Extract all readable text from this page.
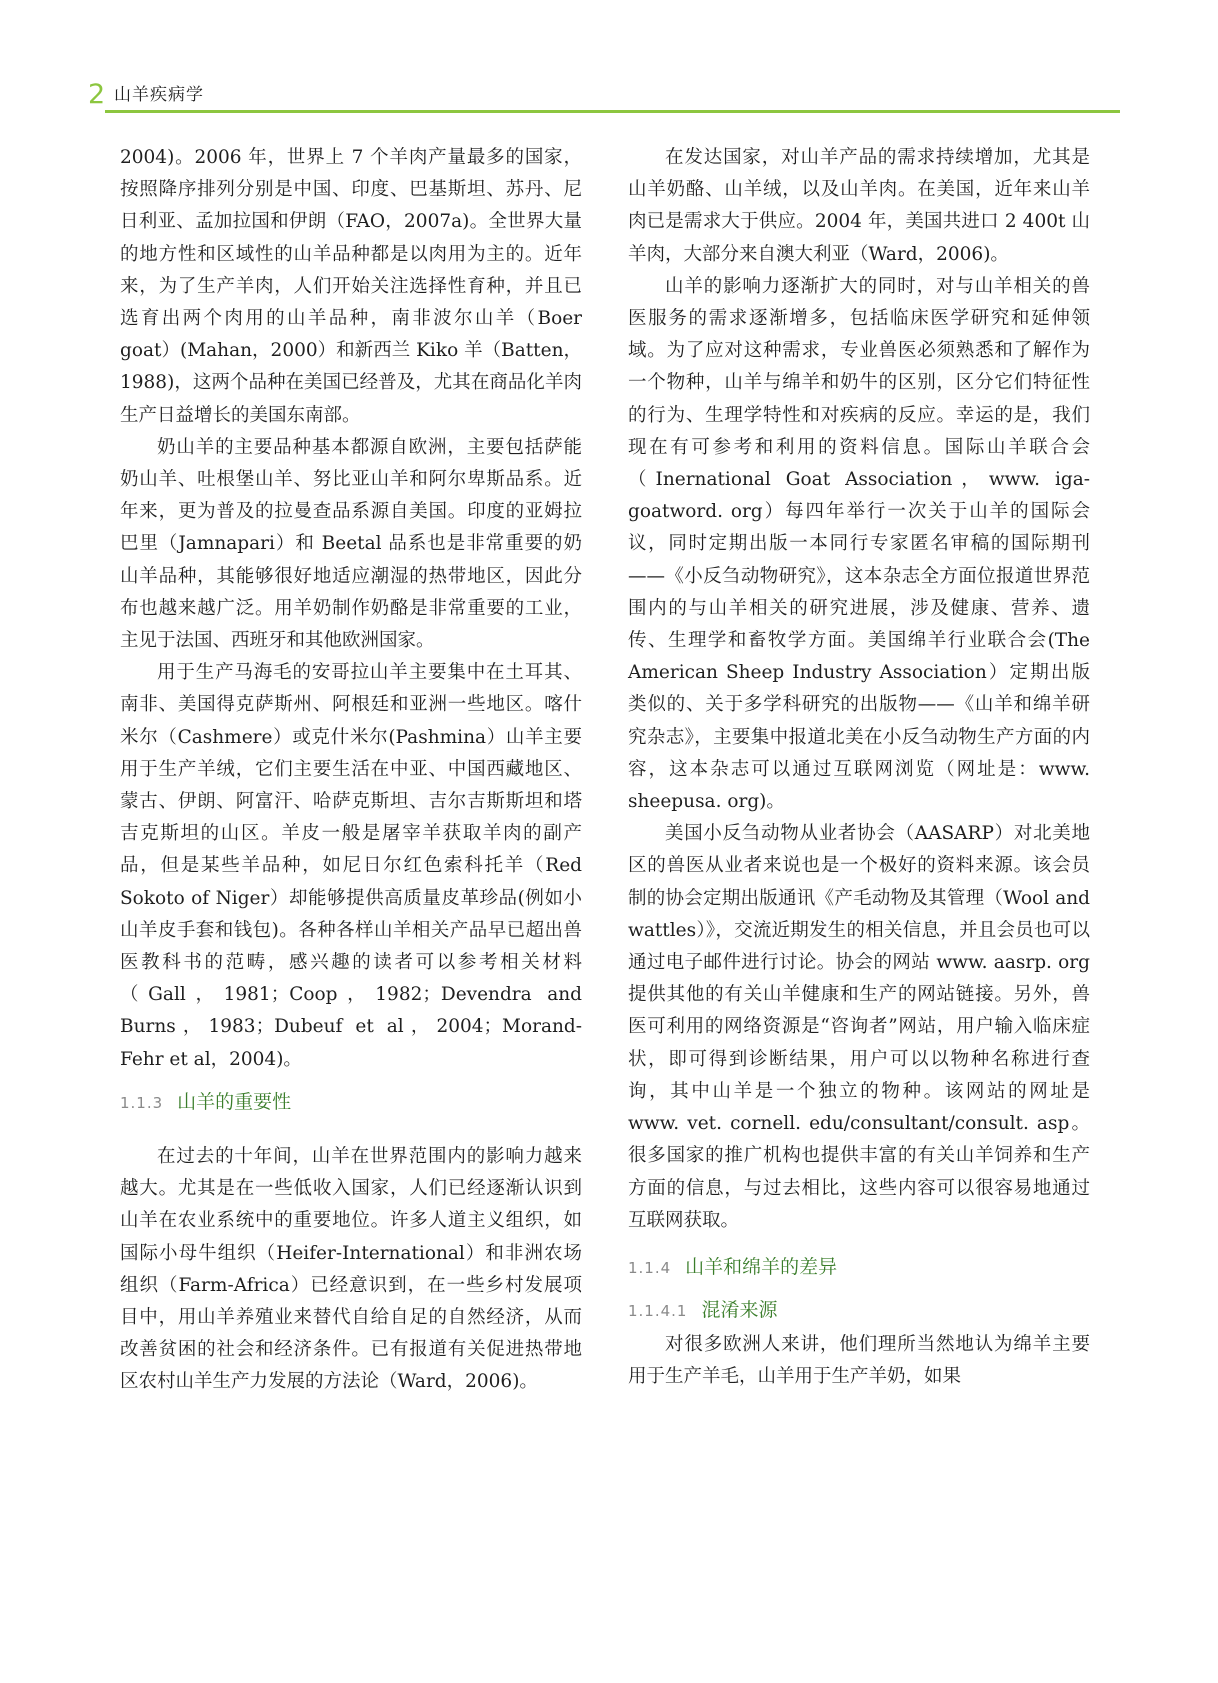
2 山羊疾病学

2004)。2006 年，世界上 7 个羊肉产量最多的国家，按照降序排列分别是中国、印度、巴基斯坦、苏丹、尼日利亚、孟加拉国和伊朗（FAO，2007a)。全世界大量的地方性和区域性的山羊品种都是以肉用为主的。近年来，为了生产羊肉，人们开始关注选择性育种，并且已选育出两个肉用的山羊品种，南非波尔山羊（Boer goat）(Mahan，2000）和新西兰 Kiko 羊（Batten，1988)，这两个品种在美国已经普及，尤其在商品化羊肉生产日益增长的美国东南部。

奶山羊的主要品种基本都源自欧洲，主要包括萨能奶山羊、吐根堡山羊、努比亚山羊和阿尔卑斯品系。近年来，更为普及的拉曼查品系源自美国。印度的亚姆拉巴里（Jamnapari）和 Beetal 品系也是非常重要的奶山羊品种，其能够很好地适应潮湿的热带地区，因此分布也越来越广泛。用羊奶制作奶酪是非常重要的工业，主见于法国、西班牙和其他欧洲国家。

用于生产马海毛的安哥拉山羊主要集中在土耳其、南非、美国得克萨斯州、阿根廷和亚洲一些地区。喀什米尔（Cashmere）或克什米尔(Pashmina）山羊主要用于生产羊绒，它们主要生活在中亚、中国西藏地区、蒙古、伊朗、阿富汗、哈萨克斯坦、吉尔吉斯斯坦和塔吉克斯坦的山区。羊皮一般是屠宰羊获取羊肉的副产品，但是某些羊品种，如尼日尔红色索科托羊（Red Sokoto of Niger）却能够提供高质量皮革珍品(例如小山羊皮手套和钱包)。各种各样山羊相关产品早已超出兽医教科书的范畴，感兴趣的读者可以参考相关材料（Gall，1981；Coop，1982；Devendra and Burns，1983；Dubeuf et al，2004；Morand-Fehr et al，2004)。

1.1.3 山羊的重要性

在过去的十年间，山羊在世界范围内的影响力越来越大。尤其是在一些低收入国家，人们已经逐渐认识到山羊在农业系统中的重要地位。许多人道主义组织，如国际小母牛组织（Heifer-International）和非洲农场组织（Farm-Africa）已经意识到，在一些乡村发展项目中，用山羊养殖业来替代自给自足的自然经济，从而改善贫困的社会和经济条件。已有报道有关促进热带地区农村山羊生产力发展的方法论（Ward，2006)。

在发达国家，对山羊产品的需求持续增加，尤其是山羊奶酪、山羊绒，以及山羊肉。在美国，近年来山羊肉已是需求大于供应。2004 年，美国共进口 2 400t 山羊肉，大部分来自澳大利亚（Ward，2006)。

山羊的影响力逐渐扩大的同时，对与山羊相关的兽医服务的需求逐渐增多，包括临床医学研究和延伸领域。为了应对这种需求，专业兽医必须熟悉和了解作为一个物种，山羊与绵羊和奶牛的区别，区分它们特征性的行为、生理学特性和对疾病的反应。幸运的是，我们现在有可参考和利用的资料信息。国际山羊联合会（Inernational Goat Association，www. iga-goatword. org）每四年举行一次关于山羊的国际会议，同时定期出版一本同行专家匿名审稿的国际期刊——《小反刍动物研究》，这本杂志全方面位报道世界范围内的与山羊相关的研究进展，涉及健康、营养、遗传、生理学和畜牧学方面。美国绵羊行业联合会(The American Sheep Industry Association）定期出版类似的、关于多学科研究的出版物——《山羊和绵羊研究杂志》，主要集中报道北美在小反刍动物生产方面的内容，这本杂志可以通过互联网浏览（网址是：www. sheepusa. org)。

美国小反刍动物从业者协会（AASARP）对北美地区的兽医从业者来说也是一个极好的资料来源。该会员制的协会定期出版通讯《产毛动物及其管理（Wool and wattles）》，交流近期发生的相关信息，并且会员也可以通过电子邮件进行讨论。协会的网站 www. aasrp. org 提供其他的有关山羊健康和生产的网站链接。另外，兽医可利用的网络资源是“咨询者”网站，用户输入临床症状，即可得到诊断结果，用户可以以物种名称进行查询，其中山羊是一个独立的物种。该网站的网址是 www. vet. cornell. edu/consultant/consult. asp。很多国家的推广机构也提供丰富的有关山羊饲养和生产方面的信息，与过去相比，这些内容可以很容易地通过互联网获取。

1.1.4 山羊和绵羊的差异
1.1.4.1 混淆来源

对很多欧洲人来讲，他们理所当然地认为绵羊主要用于生产羊毛，山羊用于生产羊奶，如果
